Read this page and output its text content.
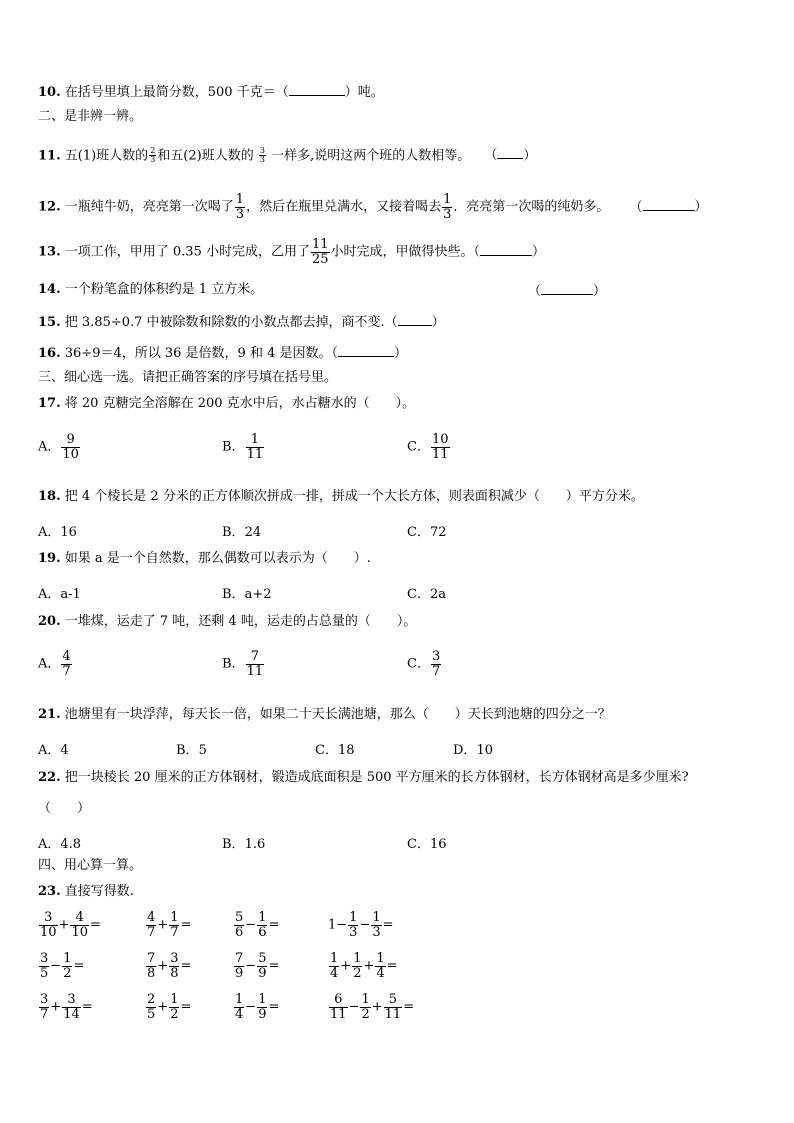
10. 在括号里填上最简分数，500 千克＝（	）吨。
二、是非辨一辨。
11. 五(1)班人数的 $\frac{2}{3}$ 和五(2)班人数的 $\frac{3}{3}$ 一样多,说明这两个班的人数相等。 （ ）
12. 一瓶纯牛奶，亮亮第一次喝了 $\frac{1}{3}$ ，然后在瓶里兑满水，又接着喝去 $\frac{1}{3}$ ．亮亮第一次喝的纯奶多。 （	）
13. 一项工作，甲用了 0.35 小时完成，乙用了 $\frac{11}{25}$ 小时完成，甲做得快些。（	）
14. 一个粉笔盒的体积约是 1 立方米。	（	）
15. 把 3.85÷0.7 中被除数和除数的小数点都去掉，商不变.（	）
16. 36÷9＝4，所以 36 是倍数，9 和 4 是因数。（	）
三、细心选一选。请把正确答案的序号填在括号里。
17. 将 20 克糖完全溶解在 200 克水中后，水占糖水的（　　）。
A． $\frac{9}{10}$	B． $\frac{1}{11}$	C． $\frac{10}{11}$
18. 把 4 个棱长是 2 分米的正方体顺次拼成一排，拼成一个大长方体，则表面积减少（　　）平方分米。
A．16	B．24	C．72
19. 如果 a 是一个自然数，那么偶数可以表示为（　　）.
A．a-1	B．a+2	C．2a
20. 一堆煤，运走了 7 吨，还剩 4 吨，运走的占总量的（　　）。
A． $\frac{4}{7}$	B． $\frac{7}{11}$	C． $\frac{3}{7}$
21. 池塘里有一块浮萍，每天长一倍，如果二十天长满池塘，那么（　　）天长到池塘的四分之一？
A．4	B．5	C．18	D．10
22. 把一块棱长 20 厘米的正方体钢材，锻造成底面积是 500 平方厘米的长方体钢材，长方体钢材高是多少厘米?
（　　）
A．4.8	B．1.6	C．16
四、用心算一算。
23. 直接写得数.
$\frac{3}{10} + \frac{4}{10}$ =	$\frac{4}{7} + \frac{1}{7}$ =	$\frac{5}{6} - \frac{1}{6}$ =	$1- \frac{1}{3} - \frac{1}{3}$ =
$\frac{3}{5} - \frac{1}{2}$ =	$\frac{7}{8} + \frac{3}{8}$ =	$\frac{7}{9} - \frac{5}{9}$ =	$\frac{1}{4} + \frac{1}{2} + \frac{1}{4}$ =
$\frac{3}{7} + \frac{3}{14}$ =	$\frac{2}{5} + \frac{1}{2}$ =	$\frac{1}{4} - \frac{1}{9}$ =	$\frac{6}{11} - \frac{1}{2} + \frac{5}{11}$ =
